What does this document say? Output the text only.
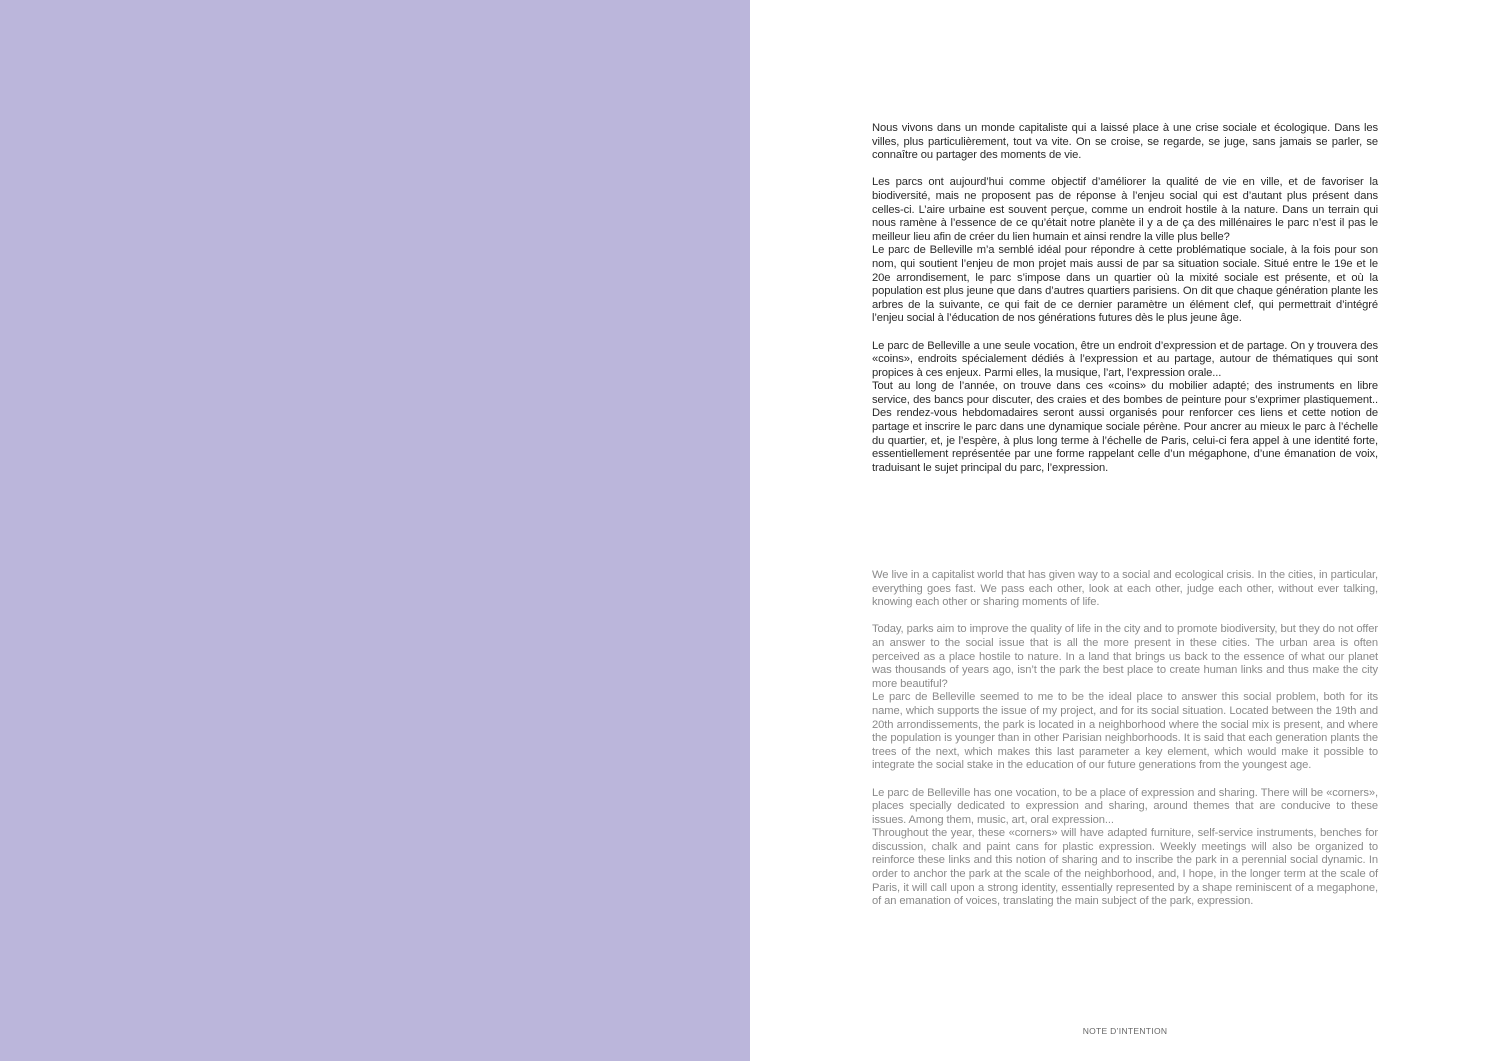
Nous vivons dans un monde capitaliste qui a laissé place à une crise sociale et écologique. Dans les villes, plus particulièrement, tout va vite. On se croise, se regarde, se juge, sans jamais se parler, se connaître ou partager des moments de vie.

Les parcs ont aujourd’hui comme objectif d’améliorer la qualité de vie en ville, et de favoriser la biodiversité, mais ne proposent pas de réponse à l’enjeu social qui est d’autant plus présent dans celles-ci. L’aire urbaine est souvent perçue, comme un endroit hostile à la nature. Dans un terrain qui nous ramène à l’essence de ce qu’était notre planète il y a de ça des millénaires le parc n’est il pas le meilleur lieu afin de créer du lien humain et ainsi rendre la ville plus belle?
Le parc de Belleville m’a semblé idéal pour répondre à cette problématique sociale, à la fois pour son nom, qui soutient l’enjeu de mon projet mais aussi de par sa situation sociale. Situé entre le 19e et le 20e arrondisement, le parc s’impose dans un quartier où la mixité sociale est présente, et où la population est plus jeune que dans d’autres quartiers parisiens. On dit que chaque génération plante les arbres de la suivante, ce qui fait de ce dernier paramètre un élément clef, qui permettrait d’intégré l’enjeu social à l’éducation de nos générations futures dès le plus jeune âge.

Le parc de Belleville a une seule vocation, être un endroit d’expression et de partage. On y trouvera des «coins», endroits spécialement dédiés à l’expression et au partage, autour de thématiques qui sont propices à ces enjeux. Parmi elles, la musique, l’art, l’expression orale...
Tout au long de l’année, on trouve dans ces «coins» du mobilier adapté; des instruments en libre service, des bancs pour discuter, des craies et des bombes de peinture pour s’exprimer plastiquement.. Des rendez-vous hebdomadaires seront aussi organisés pour renforcer ces liens et cette notion de partage et inscrire le parc dans une dynamique sociale pérène. Pour ancrer au mieux le parc à l’échelle du quartier, et, je l’espère, à plus long terme à l’échelle de Paris, celui-ci fera appel à une identité forte, essentiellement représentée par une forme rappelant celle d’un mégaphone, d’une émanation de voix, traduisant le sujet principal du parc, l’expression.

We live in a capitalist world that has given way to a social and ecological crisis. In the cities, in particular, everything goes fast. We pass each other, look at each other, judge each other, without ever talking, knowing each other or sharing moments of life.

Today, parks aim to improve the quality of life in the city and to promote biodiversity, but they do not offer an answer to the social issue that is all the more present in these cities. The urban area is often perceived as a place hostile to nature. In a land that brings us back to the essence of what our planet was thousands of years ago, isn’t the park the best place to create human links and thus make the city more beautiful?
Le parc de Belleville seemed to me to be the ideal place to answer this social problem, both for its name, which supports the issue of my project, and for its social situation. Located between the 19th and 20th arrondissements, the park is located in a neighborhood where the social mix is present, and where the population is younger than in other Parisian neighborhoods. It is said that each generation plants the trees of the next, which makes this last parameter a key element, which would make it possible to integrate the social stake in the education of our future generations from the youngest age.

Le parc de Belleville has one vocation, to be a place of expression and sharing. There will be «corners», places specially dedicated to expression and sharing, around themes that are conducive to these issues. Among them, music, art, oral expression...
Throughout the year, these «corners» will have adapted furniture, self-service instruments, benches for discussion, chalk and paint cans for plastic expression. Weekly meetings will also be organized to reinforce these links and this notion of sharing and to inscribe the park in a perennial social dynamic. In order to anchor the park at the scale of the neighborhood, and, I hope, in the longer term at the scale of Paris, it will call upon a strong identity, essentially represented by a shape reminiscent of a megaphone, of an emanation of voices, translating the main subject of the park, expression.

NOTE D’INTENTION
